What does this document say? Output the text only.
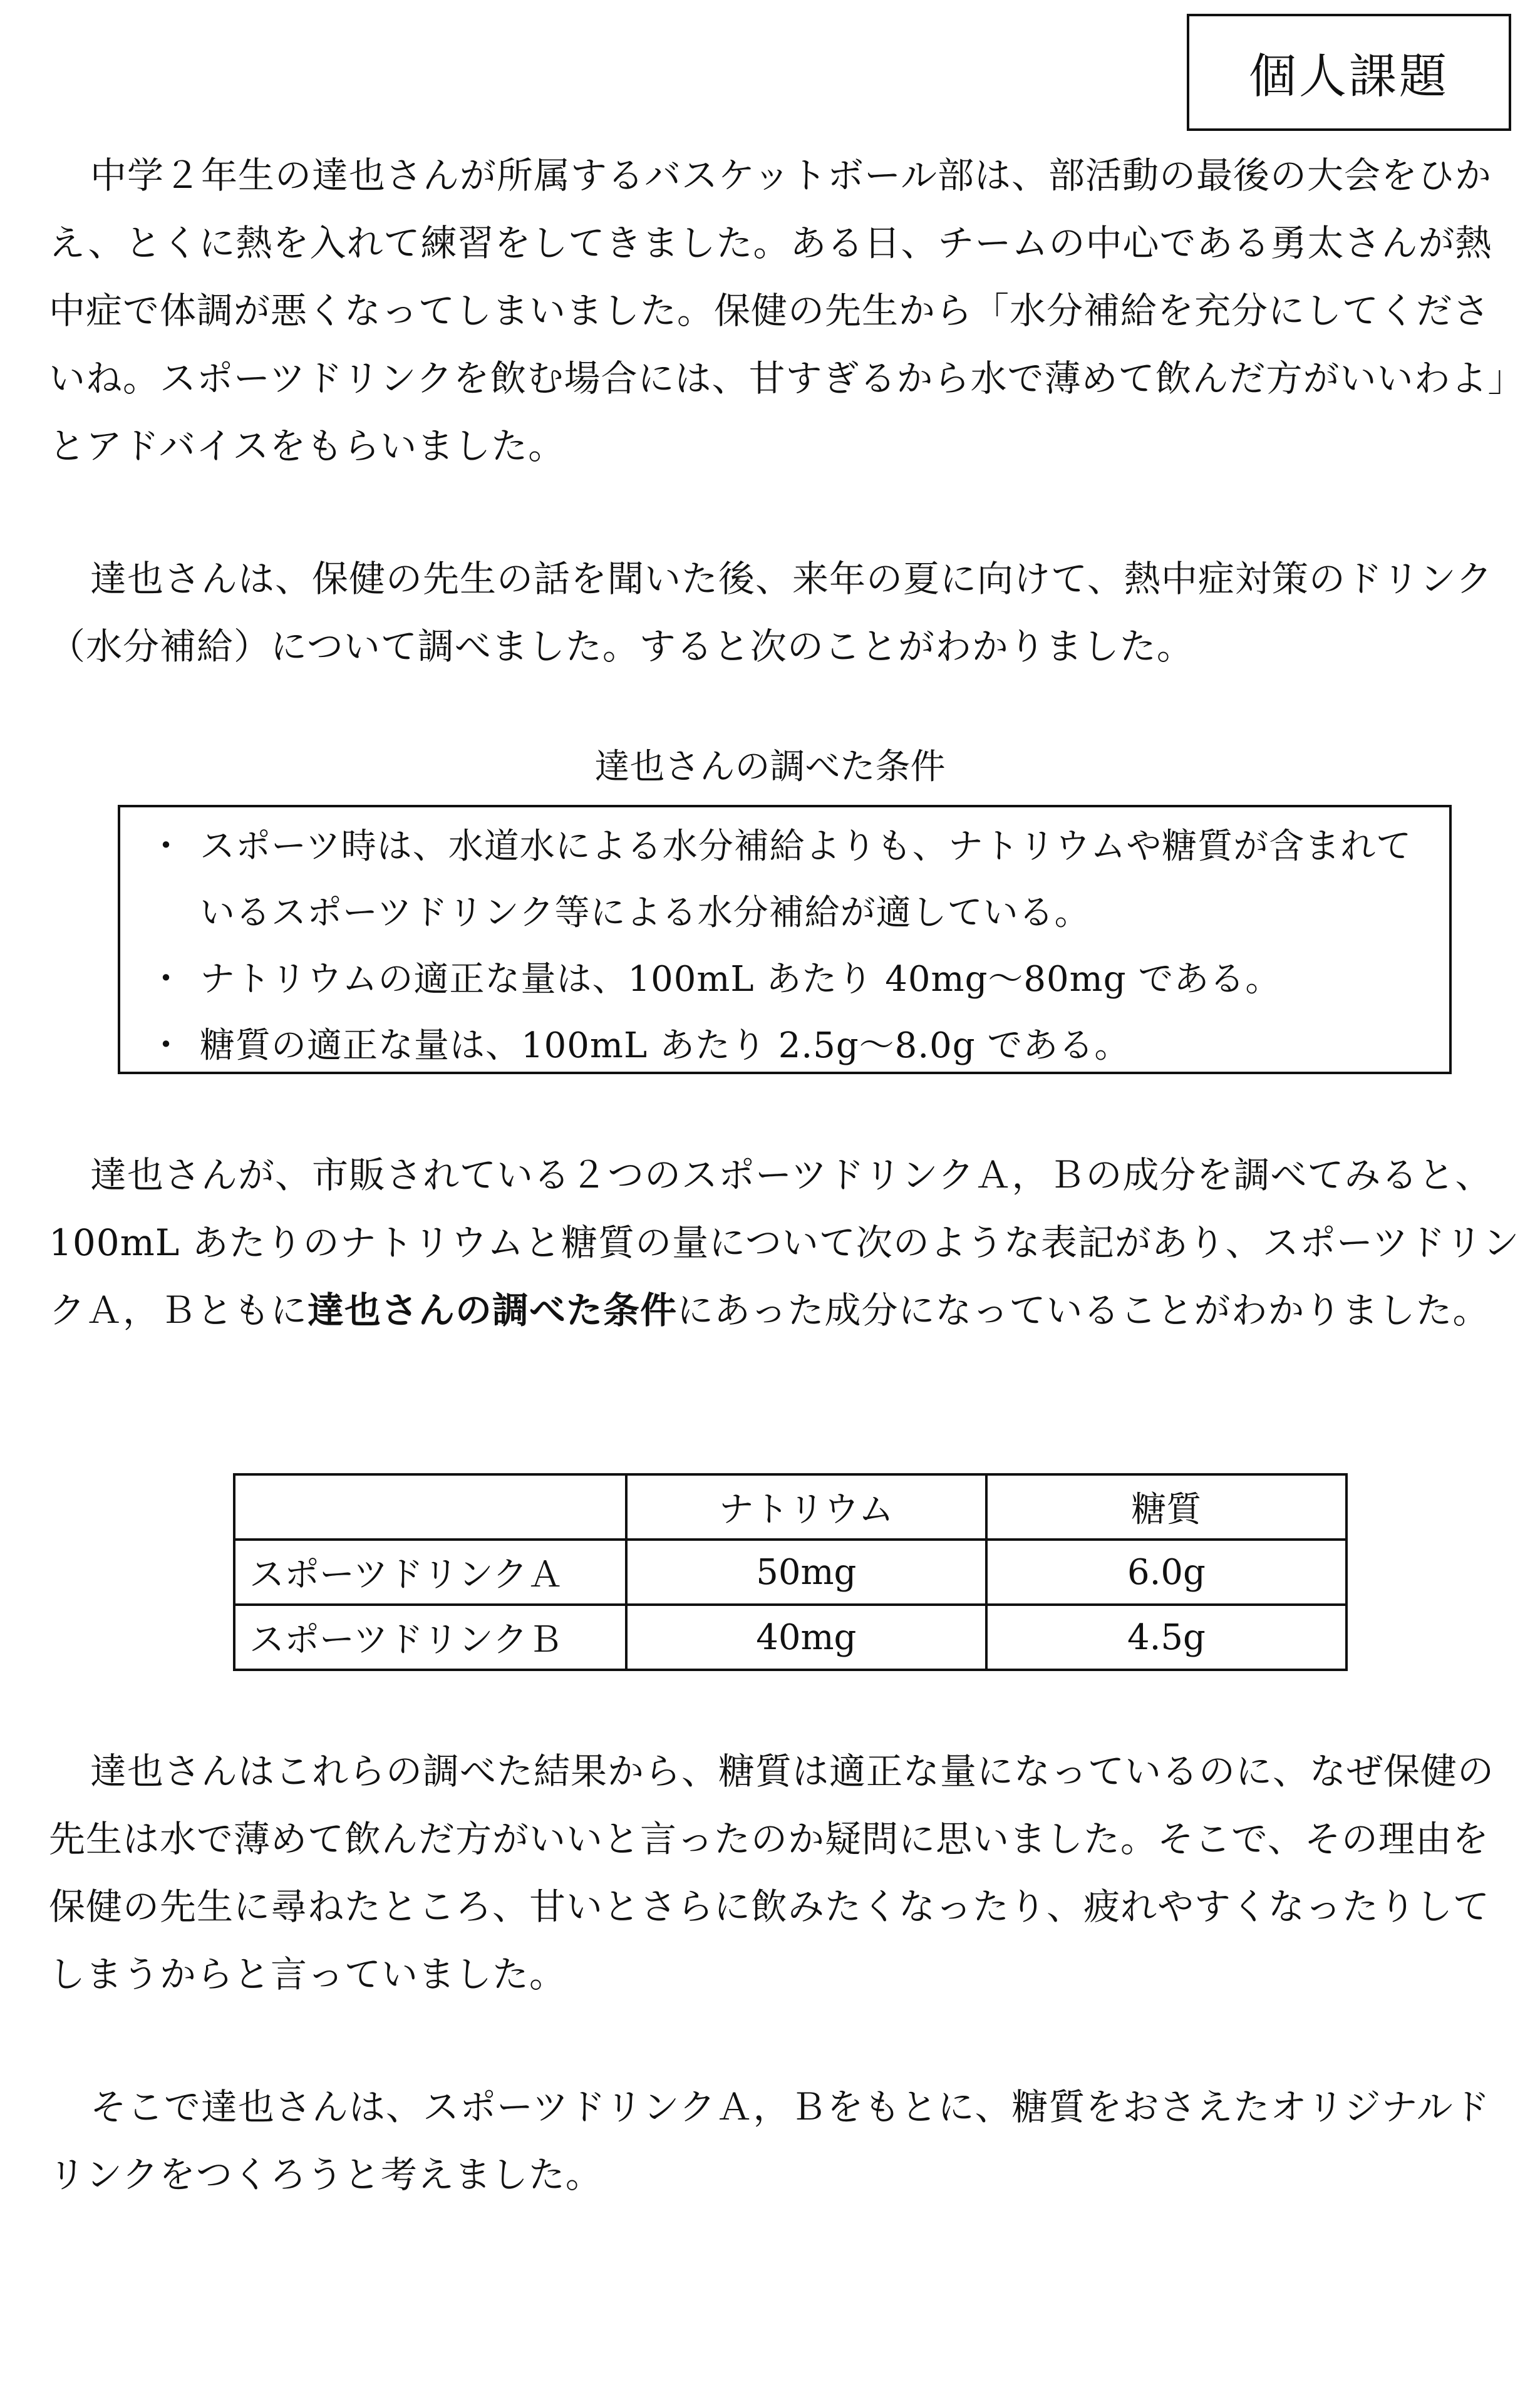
個人課題

中学２年生の達也さんが所属するバスケットボール部は、部活動の最後の大会をひかえ、とくに熱を入れて練習をしてきました。ある日、チームの中心である勇太さんが熱中症で体調が悪くなってしまいました。保健の先生から「水分補給を充分にしてくださいね。スポーツドリンクを飲む場合には、甘すぎるから水で薄めて飲んだ方がいいわよ」とアドバイスをもらいました。

達也さんは、保健の先生の話を聞いた後、来年の夏に向けて、熱中症対策のドリンク（水分補給）について調べました。すると次のことがわかりました。

達也さんの調べた条件
・ スポーツ時は、水道水による水分補給よりも、ナトリウムや糖質が含まれているスポーツドリンク等による水分補給が適している。
・ ナトリウムの適正な量は、100mL あたり 40mg～80mg である。
・ 糖質の適正な量は、100mL あたり 2.5g～8.0g である。

達也さんが、市販されている２つのスポーツドリンクＡ，Ｂの成分を調べてみると、100mL あたりのナトリウムと糖質の量について次のような表記があり、スポーツドリンクＡ，Ｂともに達也さんの調べた条件にあった成分になっていることがわかりました。

	ナトリウム	糖質
スポーツドリンクＡ	50mg	6.0g
スポーツドリンクＢ	40mg	4.5g

達也さんはこれらの調べた結果から、糖質は適正な量になっているのに、なぜ保健の先生は水で薄めて飲んだ方がいいと言ったのか疑問に思いました。そこで、その理由を保健の先生に尋ねたところ、甘いとさらに飲みたくなったり、疲れやすくなったりしてしまうからと言っていました。

そこで達也さんは、スポーツドリンクＡ，Ｂをもとに、糖質をおさえたオリジナルドリンクをつくろうと考えました。
